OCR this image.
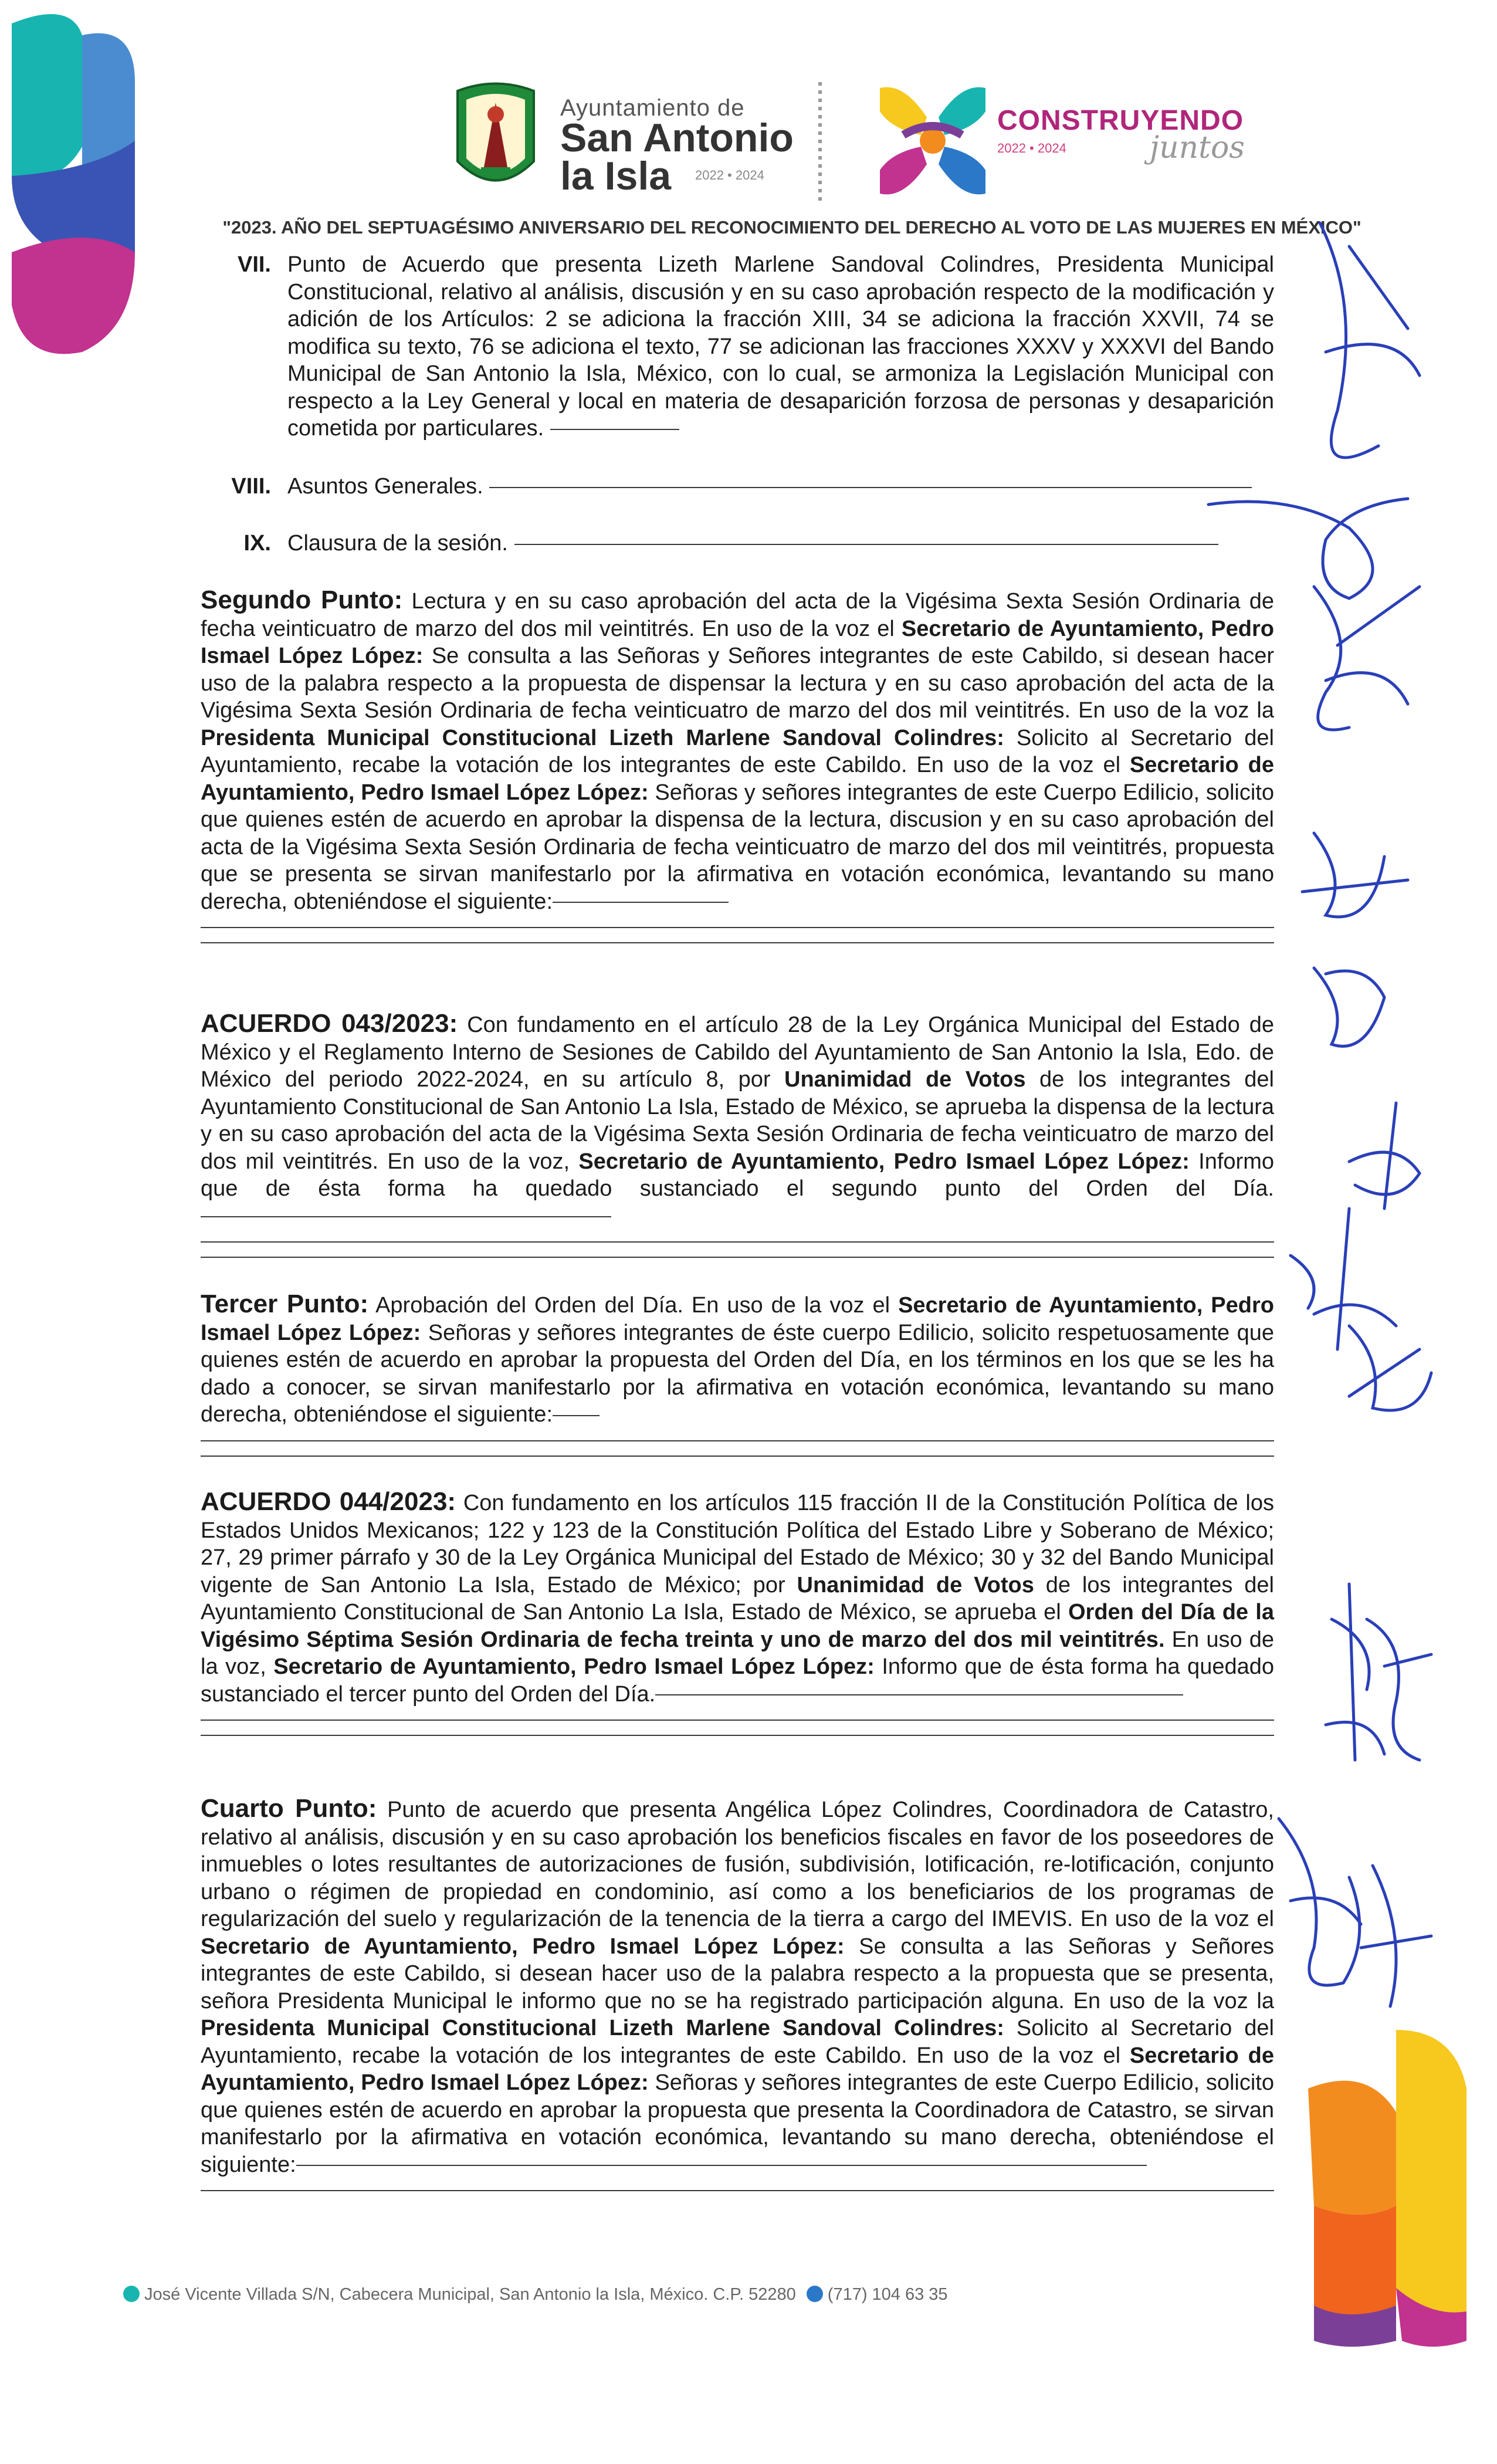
Ayuntamiento de
San Antonio
la Isla 2022 • 2024
CONSTRUYENDO
2022 • 2024	juntos
"2023. AÑO DEL SEPTUAGÉSIMO ANIVERSARIO DEL RECONOCIMIENTO DEL DERECHO AL VOTO DE LAS MUJERES EN MÉXICO"
VII. Punto de Acuerdo que presenta Lizeth Marlene Sandoval Colindres, Presidenta Municipal Constitucional, relativo al análisis, discusión y en su caso aprobación respecto de la modificación y adición de los Artículos: 2 se adiciona la fracción XIII, 34 se adiciona la fracción XXVII, 74 se modifica su texto, 76 se adiciona el texto, 77 se adicionan las fracciones XXXV y XXXVI del Bando Municipal de San Antonio la Isla, México, con lo cual, se armoniza la Legislación Municipal con respecto a la Ley General y local en materia de desaparición forzosa de personas y desaparición cometida por particulares.
VIII. Asuntos Generales.
IX. Clausura de la sesión.
Segundo Punto: Lectura y en su caso aprobación del acta de la Vigésima Sexta Sesión Ordinaria de fecha veinticuatro de marzo del dos mil veintitrés. En uso de la voz el Secretario de Ayuntamiento, Pedro Ismael López López: Se consulta a las Señoras y Señores integrantes de este Cabildo, si desean hacer uso de la palabra respecto a la propuesta de dispensar la lectura y en su caso aprobación del acta de la Vigésima Sexta Sesión Ordinaria de fecha veinticuatro de marzo del dos mil veintitrés. En uso de la voz la Presidenta Municipal Constitucional Lizeth Marlene Sandoval Colindres: Solicito al Secretario del Ayuntamiento, recabe la votación de los integrantes de este Cabildo. En uso de la voz el Secretario de Ayuntamiento, Pedro Ismael López López: Señoras y señores integrantes de este Cuerpo Edilicio, solicito que quienes estén de acuerdo en aprobar la dispensa de la lectura, discusion y en su caso aprobación del acta de la Vigésima Sexta Sesión Ordinaria de fecha veinticuatro de marzo del dos mil veintitrés, propuesta que se presenta se sirvan manifestarlo por la afirmativa en votación económica, levantando su mano derecha, obteniéndose el siguiente:
ACUERDO 043/2023: Con fundamento en el artículo 28 de la Ley Orgánica Municipal del Estado de México y el Reglamento Interno de Sesiones de Cabildo del Ayuntamiento de San Antonio la Isla, Edo. de México del periodo 2022-2024, en su artículo 8, por Unanimidad de Votos de los integrantes del Ayuntamiento Constitucional de San Antonio La Isla, Estado de México, se aprueba la dispensa de la lectura y en su caso aprobación del acta de la Vigésima Sexta Sesión Ordinaria de fecha veinticuatro de marzo del dos mil veintitrés. En uso de la voz, Secretario de Ayuntamiento, Pedro Ismael López López: Informo que de ésta forma ha quedado sustanciado el segundo punto del Orden del Día.
Tercer Punto: Aprobación del Orden del Día. En uso de la voz el Secretario de Ayuntamiento, Pedro Ismael López López: Señoras y señores integrantes de éste cuerpo Edilicio, solicito respetuosamente que quienes estén de acuerdo en aprobar la propuesta del Orden del Día, en los términos en los que se les ha dado a conocer, se sirvan manifestarlo por la afirmativa en votación económica, levantando su mano derecha, obteniéndose el siguiente:
ACUERDO 044/2023: Con fundamento en los artículos 115 fracción II de la Constitución Política de los Estados Unidos Mexicanos; 122 y 123 de la Constitución Política del Estado Libre y Soberano de México; 27, 29 primer párrafo y 30 de la Ley Orgánica Municipal del Estado de México; 30 y 32 del Bando Municipal vigente de San Antonio La Isla, Estado de México; por Unanimidad de Votos de los integrantes del Ayuntamiento Constitucional de San Antonio La Isla, Estado de México, se aprueba el Orden del Día de la Vigésimo Séptima Sesión Ordinaria de fecha treinta y uno de marzo del dos mil veintitrés. En uso de la voz, Secretario de Ayuntamiento, Pedro Ismael López López: Informo que de ésta forma ha quedado sustanciado el tercer punto del Orden del Día.
Cuarto Punto: Punto de acuerdo que presenta Angélica López Colindres, Coordinadora de Catastro, relativo al análisis, discusión y en su caso aprobación los beneficios fiscales en favor de los poseedores de inmuebles o lotes resultantes de autorizaciones de fusión, subdivisión, lotificación, re-lotificación, conjunto urbano o régimen de propiedad en condominio, así como a los beneficiarios de los programas de regularización del suelo y regularización de la tenencia de la tierra a cargo del IMEVIS. En uso de la voz el Secretario de Ayuntamiento, Pedro Ismael López López: Se consulta a las Señoras y Señores integrantes de este Cabildo, si desean hacer uso de la palabra respecto a la propuesta que se presenta, señora Presidenta Municipal le informo que no se ha registrado participación alguna. En uso de la voz la Presidenta Municipal Constitucional Lizeth Marlene Sandoval Colindres: Solicito al Secretario del Ayuntamiento, recabe la votación de los integrantes de este Cabildo. En uso de la voz el Secretario de Ayuntamiento, Pedro Ismael López López: Señoras y señores integrantes de este Cuerpo Edilicio, solicito que quienes estén de acuerdo en aprobar la propuesta que presenta la Coordinadora de Catastro, se sirvan manifestarlo por la afirmativa en votación económica, levantando su mano derecha, obteniéndose el siguiente:
José Vicente Villada S/N, Cabecera Municipal, San Antonio la Isla, México. C.P. 52280 (717) 104 63 35
